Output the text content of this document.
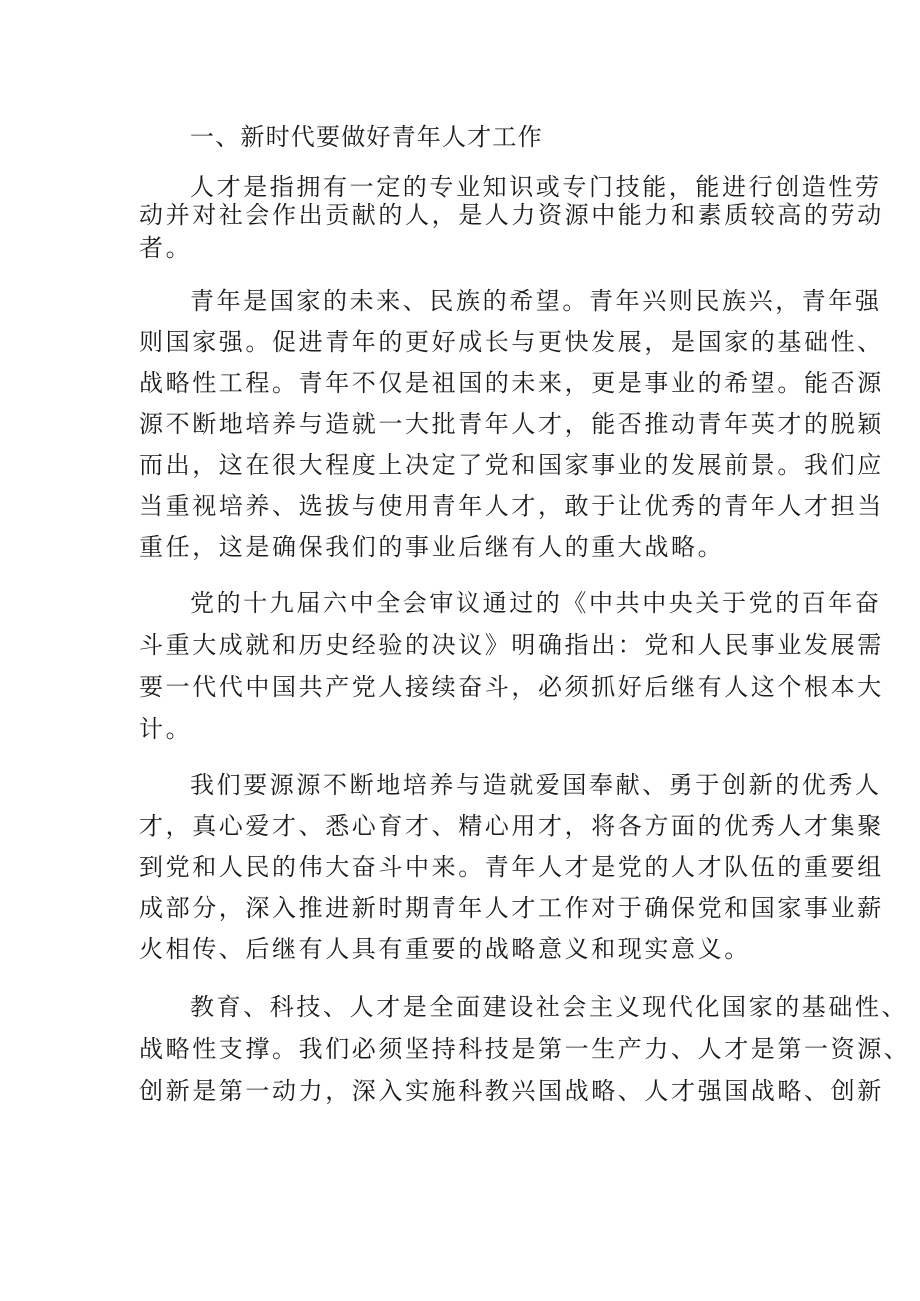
一、新时代要做好青年人才工作
人才是指拥有一定的专业知识或专门技能，能进行创造性劳
动并对社会作出贡献的人，是人力资源中能力和素质较高的劳动
者。
青年是国家的未来、民族的希望。青年兴则民族兴，青年强
则国家强。促进青年的更好成长与更快发展，是国家的基础性、
战略性工程。青年不仅是祖国的未来，更是事业的希望。能否源
源不断地培养与造就一大批青年人才，能否推动青年英才的脱颖
而出，这在很大程度上决定了党和国家事业的发展前景。我们应
当重视培养、选拔与使用青年人才，敢于让优秀的青年人才担当
重任，这是确保我们的事业后继有人的重大战略。
党的十九届六中全会审议通过的《中共中央关于党的百年奋
斗重大成就和历史经验的决议》明确指出：党和人民事业发展需
要一代代中国共产党人接续奋斗，必须抓好后继有人这个根本大
计。
我们要源源不断地培养与造就爱国奉献、勇于创新的优秀人
才，真心爱才、悉心育才、精心用才，将各方面的优秀人才集聚
到党和人民的伟大奋斗中来。青年人才是党的人才队伍的重要组
成部分，深入推进新时期青年人才工作对于确保党和国家事业薪
火相传、后继有人具有重要的战略意义和现实意义。
教育、科技、人才是全面建设社会主义现代化国家的基础性、
战略性支撑。我们必须坚持科技是第一生产力、人才是第一资源、
创新是第一动力，深入实施科教兴国战略、人才强国战略、创新
